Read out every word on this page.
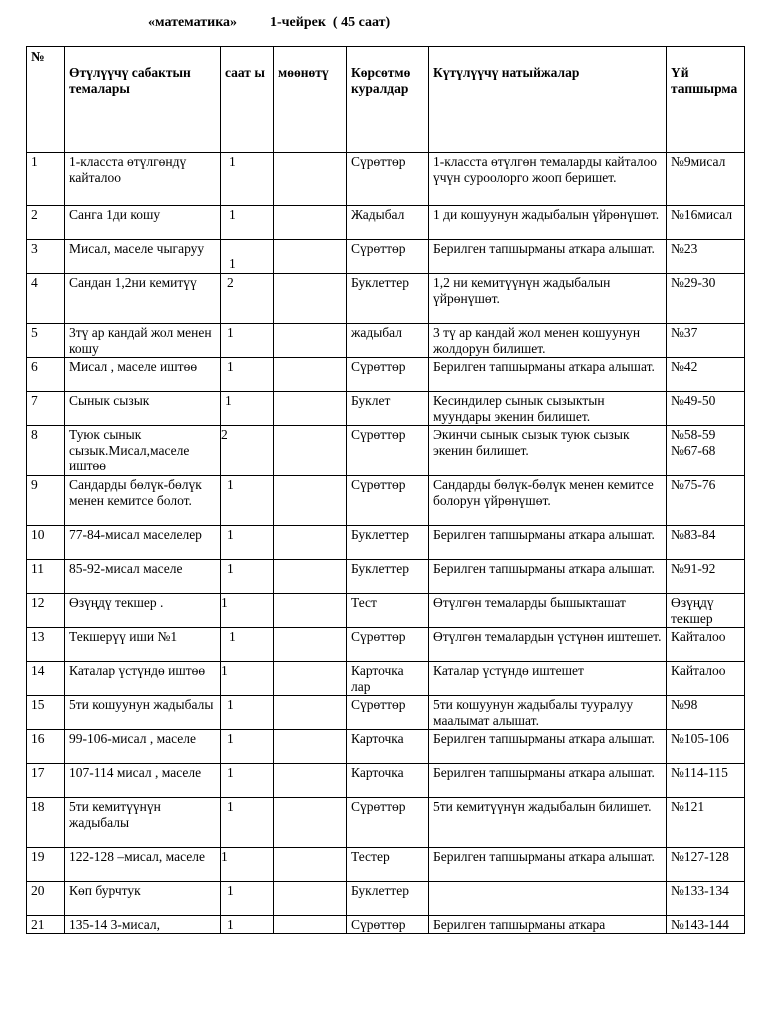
«математика» 1-чейрек  ( 45 саат)
№	Өтүлүүчү сабактын темалары	саат ы	мөөнөтү	Көрсөтмө куралдар	Күтүлүүчү натыйжалар	Үй тапшырма
1	1-класста өтүлгөндү кайталоо	1		Сүрөттөр	1-класста өтүлгөн темаларды кайталоо үчүн суроолорго жооп беришет.	№9мисал
2	Санга 1ди кошу	1		Жадыбал	1 ди кошуунун жадыбалын үйрөнүшөт.	№16мисал
3	Мисал, маселе чыгаруу	1		Сүрөттөр	Берилген тапшырманы аткара алышат.	№23
4	Сандан 1,2ни кемитүү	2		Буклеттер	1,2 ни кемитүүнүн жадыбалын үйрөнүшөт.	№29-30
5	3тү ар кандай жол менен кошу	1		жадыбал	3 тү ар кандай жол менен кошуунун жолдорун билишет.	№37
6	Мисал , маселе иштөө	1		Сүрөттөр	Берилген тапшырманы аткара алышат.	№42
7	Сынык сызык	1		Буклет	Кесиндилер сынык сызыктын муундары экенин билишет.	№49-50
8	Туюк сынык сызык.Мисал,маселе иштөө	2		Сүрөттөр	Экинчи сынык сызык туюк сызык экенин билишет.	№58-59
№67-68
9	Сандарды бөлүк-бөлүк менен кемитсе болот.	1		Сүрөттөр	Сандарды бөлүк-бөлүк менен кемитсе болорун үйрөнүшөт.	№75-76
10	77-84-мисал маселелер	1		Буклеттер	Берилген тапшырманы аткара алышат.	№83-84
11	85-92-мисал маселе	1		Буклеттер	Берилген тапшырманы аткара алышат.	№91-92
12	Өзүңдү текшер .	1		Тест	Өтүлгөн темаларды бышыкташат	Өзүңдү текшер
13	Текшерүү иши №1	1		Сүрөттөр	Өтүлгөн темалардын үстүнөн иштешет.	Кайталоо
14	Каталар үстүндө иштөө	1		Карточка лар	Каталар үстүндө иштешет	Кайталоо
15	5ти кошуунун жадыбалы	1		Сүрөттөр	5ти кошуунун жадыбалы тууралуу маалымат алышат.	№98
16	99-106-мисал , маселе	1		Карточка	Берилген тапшырманы аткара алышат.	№105-106
17	107-114 мисал , маселе	1		Карточка	Берилген тапшырманы аткара алышат.	№114-115
18	5ти кемитүүнүн жадыбалы	1		Сүрөттөр	5ти кемитүүнүн жадыбалын билишет.	№121
19	122-128 –мисал, маселе	1		Тестер	Берилген тапшырманы аткара алышат.	№127-128
20	Көп бурчтук	1		Буклеттер		№133-134
21	135-14 3-мисал,	1		Сүрөттөр	Берилген тапшырманы аткара	№143-144
